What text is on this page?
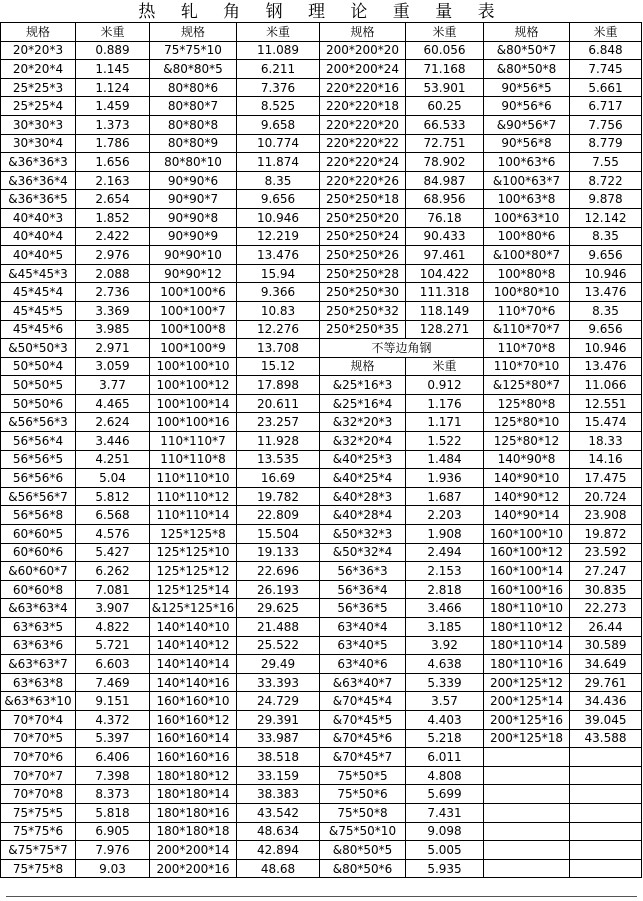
热 轧 角 钢 理 论 重 量 表
规格	米重	规格	米重	规格	米重	规格	米重
20*20*3	0.889	75*75*10	11.089	200*200*20	60.056	&80*50*7	6.848
20*20*4	1.145	&80*80*5	6.211	200*200*24	71.168	&80*50*8	7.745
25*25*3	1.124	80*80*6	7.376	220*220*16	53.901	90*56*5	5.661
25*25*4	1.459	80*80*7	8.525	220*220*18	60.25	90*56*6	6.717
30*30*3	1.373	80*80*8	9.658	220*220*20	66.533	&90*56*7	7.756
30*30*4	1.786	80*80*9	10.774	220*220*22	72.751	90*56*8	8.779
&36*36*3	1.656	80*80*10	11.874	220*220*24	78.902	100*63*6	7.55
&36*36*4	2.163	90*90*6	8.35	220*220*26	84.987	&100*63*7	8.722
&36*36*5	2.654	90*90*7	9.656	250*250*18	68.956	100*63*8	9.878
40*40*3	1.852	90*90*8	10.946	250*250*20	76.18	100*63*10	12.142
40*40*4	2.422	90*90*9	12.219	250*250*24	90.433	100*80*6	8.35
40*40*5	2.976	90*90*10	13.476	250*250*26	97.461	&100*80*7	9.656
&45*45*3	2.088	90*90*12	15.94	250*250*28	104.422	100*80*8	10.946
45*45*4	2.736	100*100*6	9.366	250*250*30	111.318	100*80*10	13.476
45*45*5	3.369	100*100*7	10.83	250*250*32	118.149	110*70*6	8.35
45*45*6	3.985	100*100*8	12.276	250*250*35	128.271	&110*70*7	9.656
&50*50*3	2.971	100*100*9	13.708	不等边角钢		110*70*8	10.946
50*50*4	3.059	100*100*10	15.12	规格	米重	110*70*10	13.476
50*50*5	3.77	100*100*12	17.898	&25*16*3	0.912	&125*80*7	11.066
50*50*6	4.465	100*100*14	20.611	&25*16*4	1.176	125*80*8	12.551
&56*56*3	2.624	100*100*16	23.257	&32*20*3	1.171	125*80*10	15.474
56*56*4	3.446	110*110*7	11.928	&32*20*4	1.522	125*80*12	18.33
56*56*5	4.251	110*110*8	13.535	&40*25*3	1.484	140*90*8	14.16
56*56*6	5.04	110*110*10	16.69	&40*25*4	1.936	140*90*10	17.475
&56*56*7	5.812	110*110*12	19.782	&40*28*3	1.687	140*90*12	20.724
56*56*8	6.568	110*110*14	22.809	&40*28*4	2.203	140*90*14	23.908
60*60*5	4.576	125*125*8	15.504	&50*32*3	1.908	160*100*10	19.872
60*60*6	5.427	125*125*10	19.133	&50*32*4	2.494	160*100*12	23.592
&60*60*7	6.262	125*125*12	22.696	56*36*3	2.153	160*100*14	27.247
60*60*8	7.081	125*125*14	26.193	56*36*4	2.818	160*100*16	30.835
&63*63*4	3.907	&125*125*16	29.625	56*36*5	3.466	180*110*10	22.273
63*63*5	4.822	140*140*10	21.488	63*40*4	3.185	180*110*12	26.44
63*63*6	5.721	140*140*12	25.522	63*40*5	3.92	180*110*14	30.589
&63*63*7	6.603	140*140*14	29.49	63*40*6	4.638	180*110*16	34.649
63*63*8	7.469	140*140*16	33.393	&63*40*7	5.339	200*125*12	29.761
&63*63*10	9.151	160*160*10	24.729	&70*45*4	3.57	200*125*14	34.436
70*70*4	4.372	160*160*12	29.391	&70*45*5	4.403	200*125*16	39.045
70*70*5	5.397	160*160*14	33.987	&70*45*6	5.218	200*125*18	43.588
70*70*6	6.406	160*160*16	38.518	&70*45*7	6.011		
70*70*7	7.398	180*180*12	33.159	75*50*5	4.808		
70*70*8	8.373	180*180*14	38.383	75*50*6	5.699		
75*75*5	5.818	180*180*16	43.542	75*50*8	7.431		
75*75*6	6.905	180*180*18	48.634	&75*50*10	9.098		
&75*75*7	7.976	200*200*14	42.894	&80*50*5	5.005		
75*75*8	9.03	200*200*16	48.68	&80*50*6	5.935		
